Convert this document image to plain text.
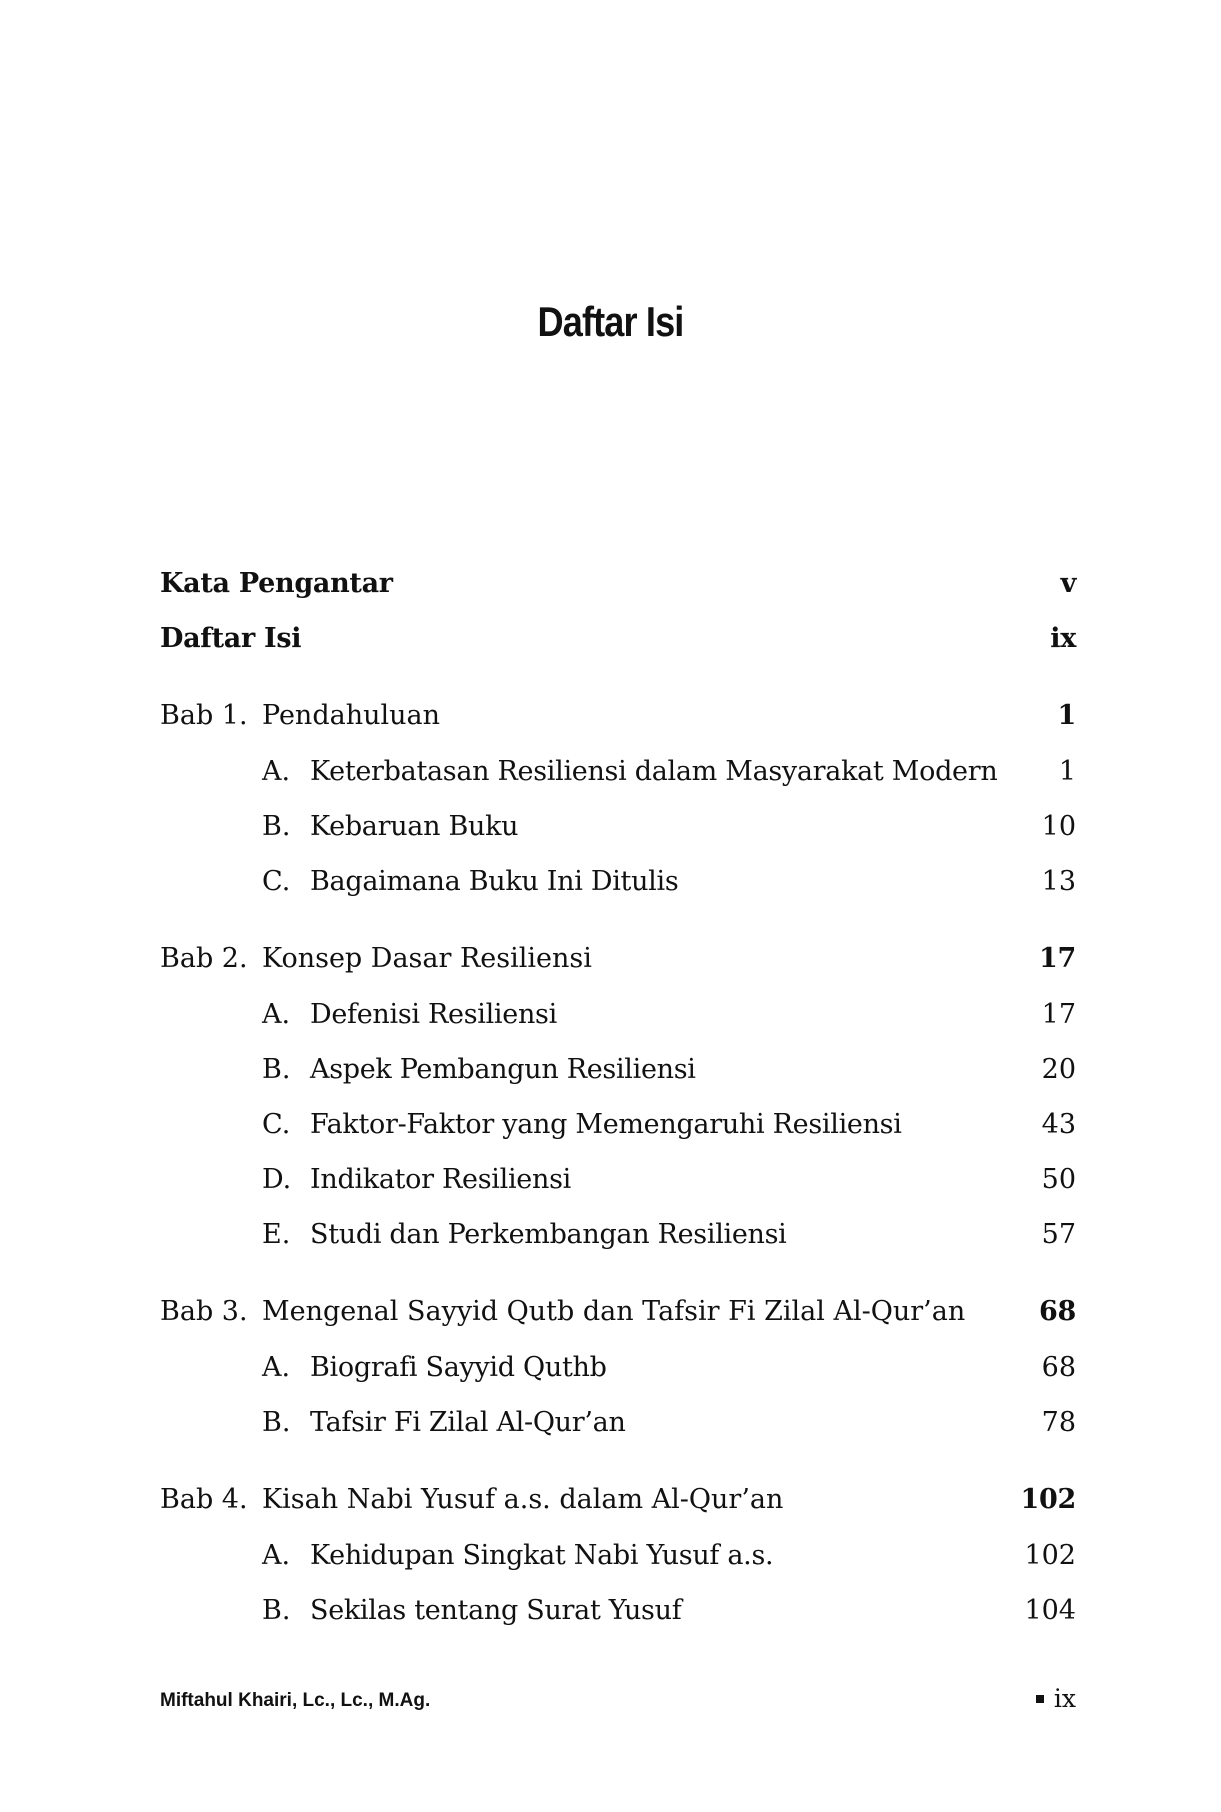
Daftar Isi
Kata Pengantar	v
Daftar Isi	ix
Bab 1. Pendahuluan	1
A. Keterbatasan Resiliensi dalam Masyarakat Modern 1
B. Kebaruan Buku	10
C. Bagaimana Buku Ini Ditulis	13
Bab 2. Konsep Dasar Resiliensi	17
A. Defenisi Resiliensi	17
B. Aspek Pembangun Resiliensi	20
C. Faktor-Faktor yang Memengaruhi Resiliensi	43
D. Indikator Resiliensi	50
E. Studi dan Perkembangan Resiliensi	57
Bab 3. Mengenal Sayyid Qutb dan Tafsir Fi Zilal Al-Qur’an	68
A. Biografi Sayyid Quthb	68
B. Tafsir Fi Zilal Al-Qur’an	78
Bab 4. Kisah Nabi Yusuf a.s. dalam Al-Qur’an	102
A. Kehidupan Singkat Nabi Yusuf a.s.	102
B. Sekilas tentang Surat Yusuf	104
Miftahul Khairi, Lc., Lc., M.Ag.	ix
